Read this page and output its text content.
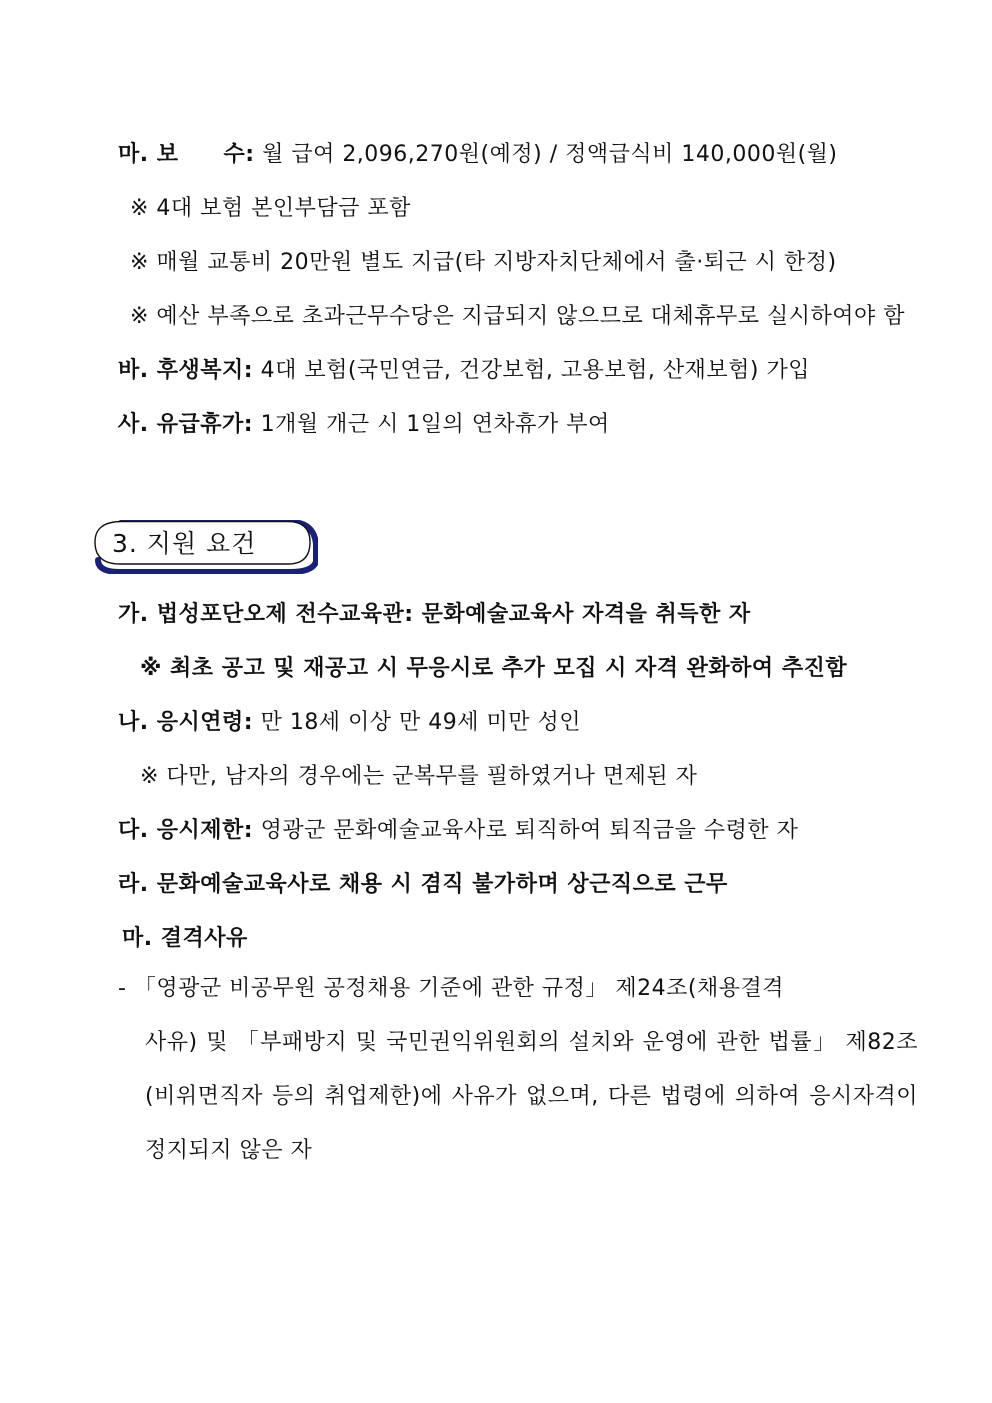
마. 보　　수: 월 급여 2,096,270원(예정) / 정액급식비 140,000원(월)
※ 4대 보험 본인부담금 포함
※ 매월 교통비 20만원 별도 지급(타 지방자치단체에서 출·퇴근 시 한정)
※ 예산 부족으로 초과근무수당은 지급되지 않으므로 대체휴무로 실시하여야 함
바. 후생복지: 4대 보험(국민연금, 건강보험, 고용보험, 산재보험) 가입
사. 유급휴가: 1개월 개근 시 1일의 연차휴가 부여
3. 지원 요건
가. 법성포단오제 전수교육관: 문화예술교육사 자격을 취득한 자
※ 최초 공고 및 재공고 시 무응시로 추가 모집 시 자격 완화하여 추진함
나. 응시연령: 만 18세 이상 만 49세 미만 성인
※ 다만, 남자의 경우에는 군복무를 필하였거나 면제된 자
다. 응시제한: 영광군 문화예술교육사로 퇴직하여 퇴직금을 수령한 자
라. 문화예술교육사로 채용 시 겸직 불가하며 상근직으로 근무
마. 결격사유
- 「영광군 비공무원 공정채용 기준에 관한 규정」 제24조(채용결격
사유) 및 「부패방지 및 국민권익위원회의 설치와 운영에 관한 법률」 제82조(비위면직자 등의 취업제한)에 사유가 없으며, 다른 법령에 의하여 응시자격이 정지되지 않은 자
